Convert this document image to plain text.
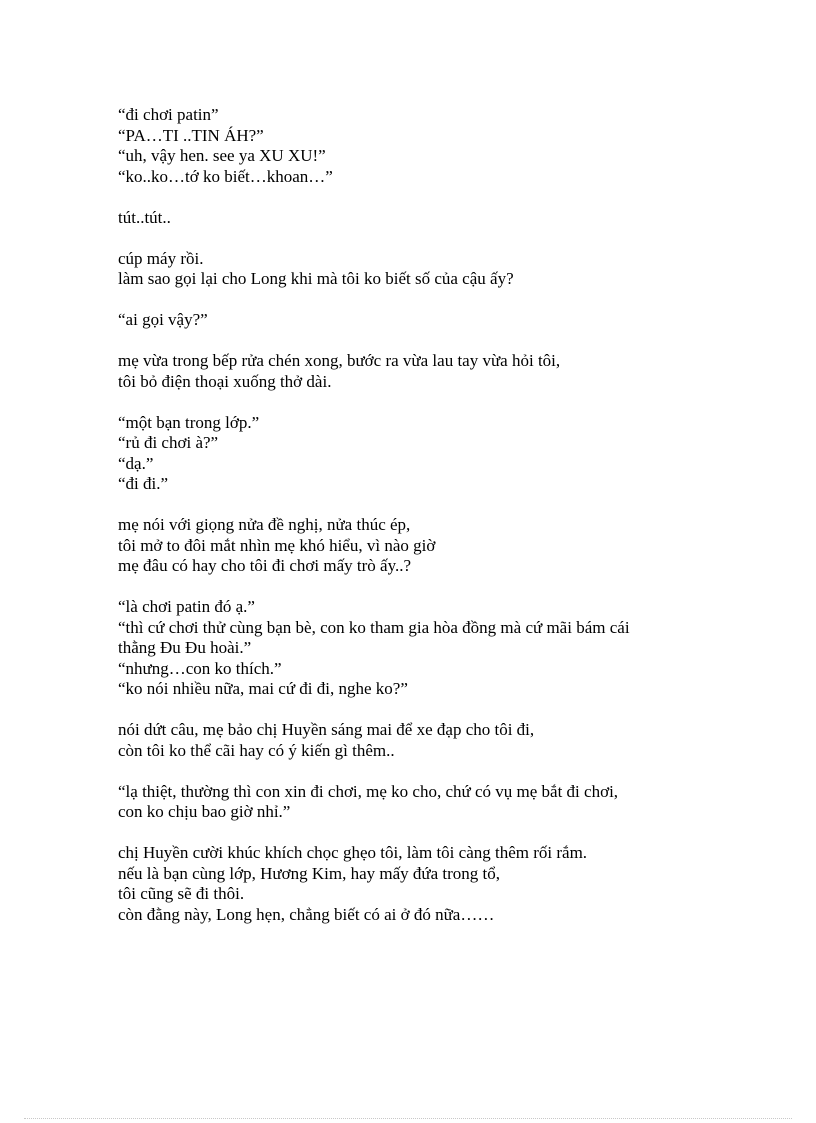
“đi chơi patin”
“PA…TI ..TIN ÁH?”
“uh, vậy hen. see ya XU XU!”
“ko..ko…tớ ko biết…khoan…”
tút..tút..
cúp máy rồi.
làm sao gọi lại cho Long khi mà tôi ko biết số của cậu ấy?
“ai gọi vậy?”
mẹ vừa trong bếp rửa chén xong, bước ra vừa lau tay vừa hỏi tôi,
tôi bỏ điện thoại xuống thở dài.
“một bạn trong lớp.”
“rủ đi chơi à?”
“dạ.”
“đi đi.”
mẹ nói với giọng nửa đề nghị, nửa thúc ép,
tôi mở to đôi mắt nhìn mẹ khó hiểu, vì nào giờ
mẹ đâu có hay cho tôi đi chơi mấy trò ấy..?
“là chơi patin đó ạ.”
“thì cứ chơi thử cùng bạn bè, con ko tham gia hòa đồng mà cứ mãi bám cái
thằng Đu Đu hoài.”
“nhưng…con ko thích.”
“ko nói nhiều nữa, mai cứ đi đi, nghe ko?”
nói dứt câu, mẹ bảo chị Huyền sáng mai để xe đạp cho tôi đi,
còn tôi ko thể cãi hay có ý kiến gì thêm..
“lạ thiệt, thường thì con xin đi chơi, mẹ ko cho, chứ có vụ mẹ bắt đi chơi,
con ko chịu bao giờ nhỉ.”
chị Huyền cười khúc khích chọc ghẹo tôi, làm tôi càng thêm rối rắm.
nếu là bạn cùng lớp, Hương Kim, hay mấy đứa trong tổ,
tôi cũng sẽ đi thôi.
còn đằng này, Long hẹn, chẳng biết có ai ở đó nữa……
